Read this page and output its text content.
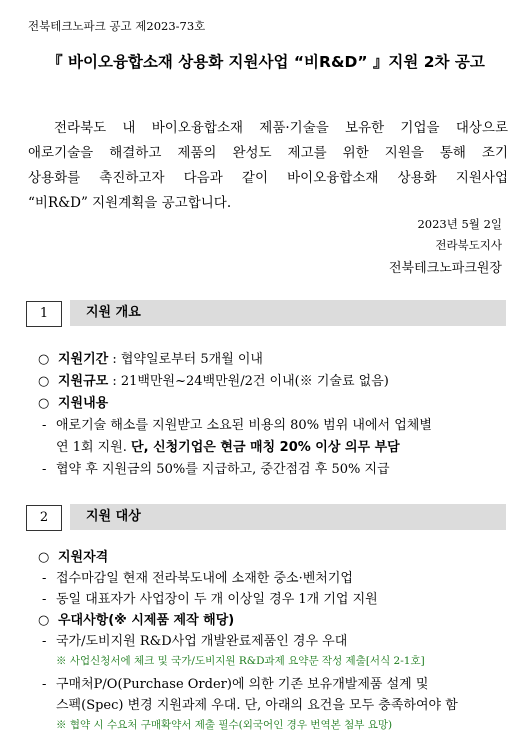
전북테크노파크 공고 제2023-73호
『 바이오융합소재 상용화 지원사업 “비R&D” 』지원 2차 공고
전라북도 내 바이오융합소재 제품·기술을 보유한 기업을 대상으로
애로기술을 해결하고 제품의 완성도 제고를 위한 지원을 통해 조기
상용화를 촉진하고자 다음과 같이 바이오융합소재 상용화 지원사업
“비R&D” 지원계획을 공고합니다.
2023년 5월 2일
전라북도지사
전북테크노파크원장
1	지원 개요
○ 지원기간 : 협약일로부터 5개월 이내
○ 지원규모 : 21백만원~24백만원/2건 이내(※ 기술료 없음)
○ 지원내용
- 애로기술 해소를 지원받고 소요된 비용의 80% 범위 내에서 업체별
연 1회 지원. 단, 신청기업은 현금 매칭 20% 이상 의무 부담
- 협약 후 지원금의 50%를 지급하고, 중간점검 후 50% 지급
2	지원 대상
○ 지원자격
- 접수마감일 현재 전라북도내에 소재한 중소·벤처기업
- 동일 대표자가 사업장이 두 개 이상일 경우 1개 기업 지원
○ 우대사항(※ 시제품 제작 해당)
- 국가/도비지원 R&D사업 개발완료제품인 경우 우대
※ 사업신청서에 체크 및 국가/도비지원 R&D과제 요약문 작성 제출[서식 2-1호]
- 구매처P/O(Purchase Order)에 의한 기존 보유개발제품 설계 및
스펙(Spec) 변경 지원과제 우대. 단, 아래의 요건을 모두 충족하여야 함
※ 협약 시 수요처 구매확약서 제출 필수(외국어인 경우 번역본 첨부 요망)
